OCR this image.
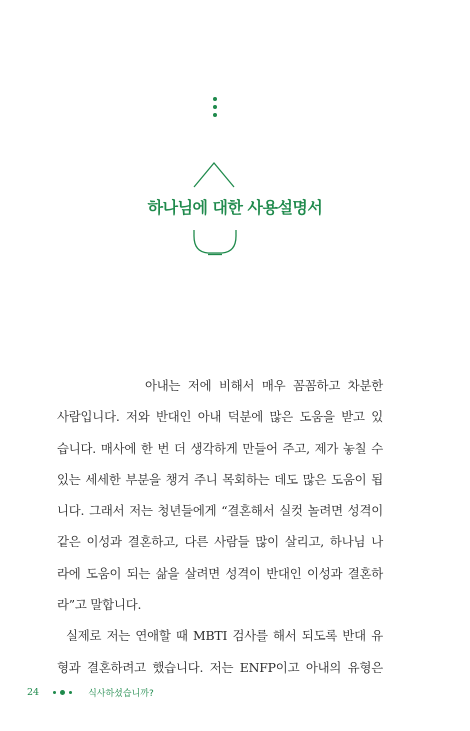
하나님에 대한 사용설명서
아내는 저에 비해서 매우 꼼꼼하고 차분한
사람입니다. 저와 반대인 아내 덕분에 많은 도움을 받고 있
습니다. 매사에 한 번 더 생각하게 만들어 주고, 제가 놓칠 수
있는 세세한 부분을 챙겨 주니 목회하는 데도 많은 도움이 됩
니다. 그래서 저는 청년들에게 “결혼해서 실컷 놀려면 성격이
같은 이성과 결혼하고, 다른 사람들 많이 살리고, 하나님 나
라에 도움이 되는 삶을 살려면 성격이 반대인 이성과 결혼하
라”고 말합니다.
실제로 저는 연애할 때 MBTI 검사를 해서 되도록 반대 유
형과 결혼하려고 했습니다. 저는 ENFP이고 아내의 유형은
24	식사하셨습니까?
